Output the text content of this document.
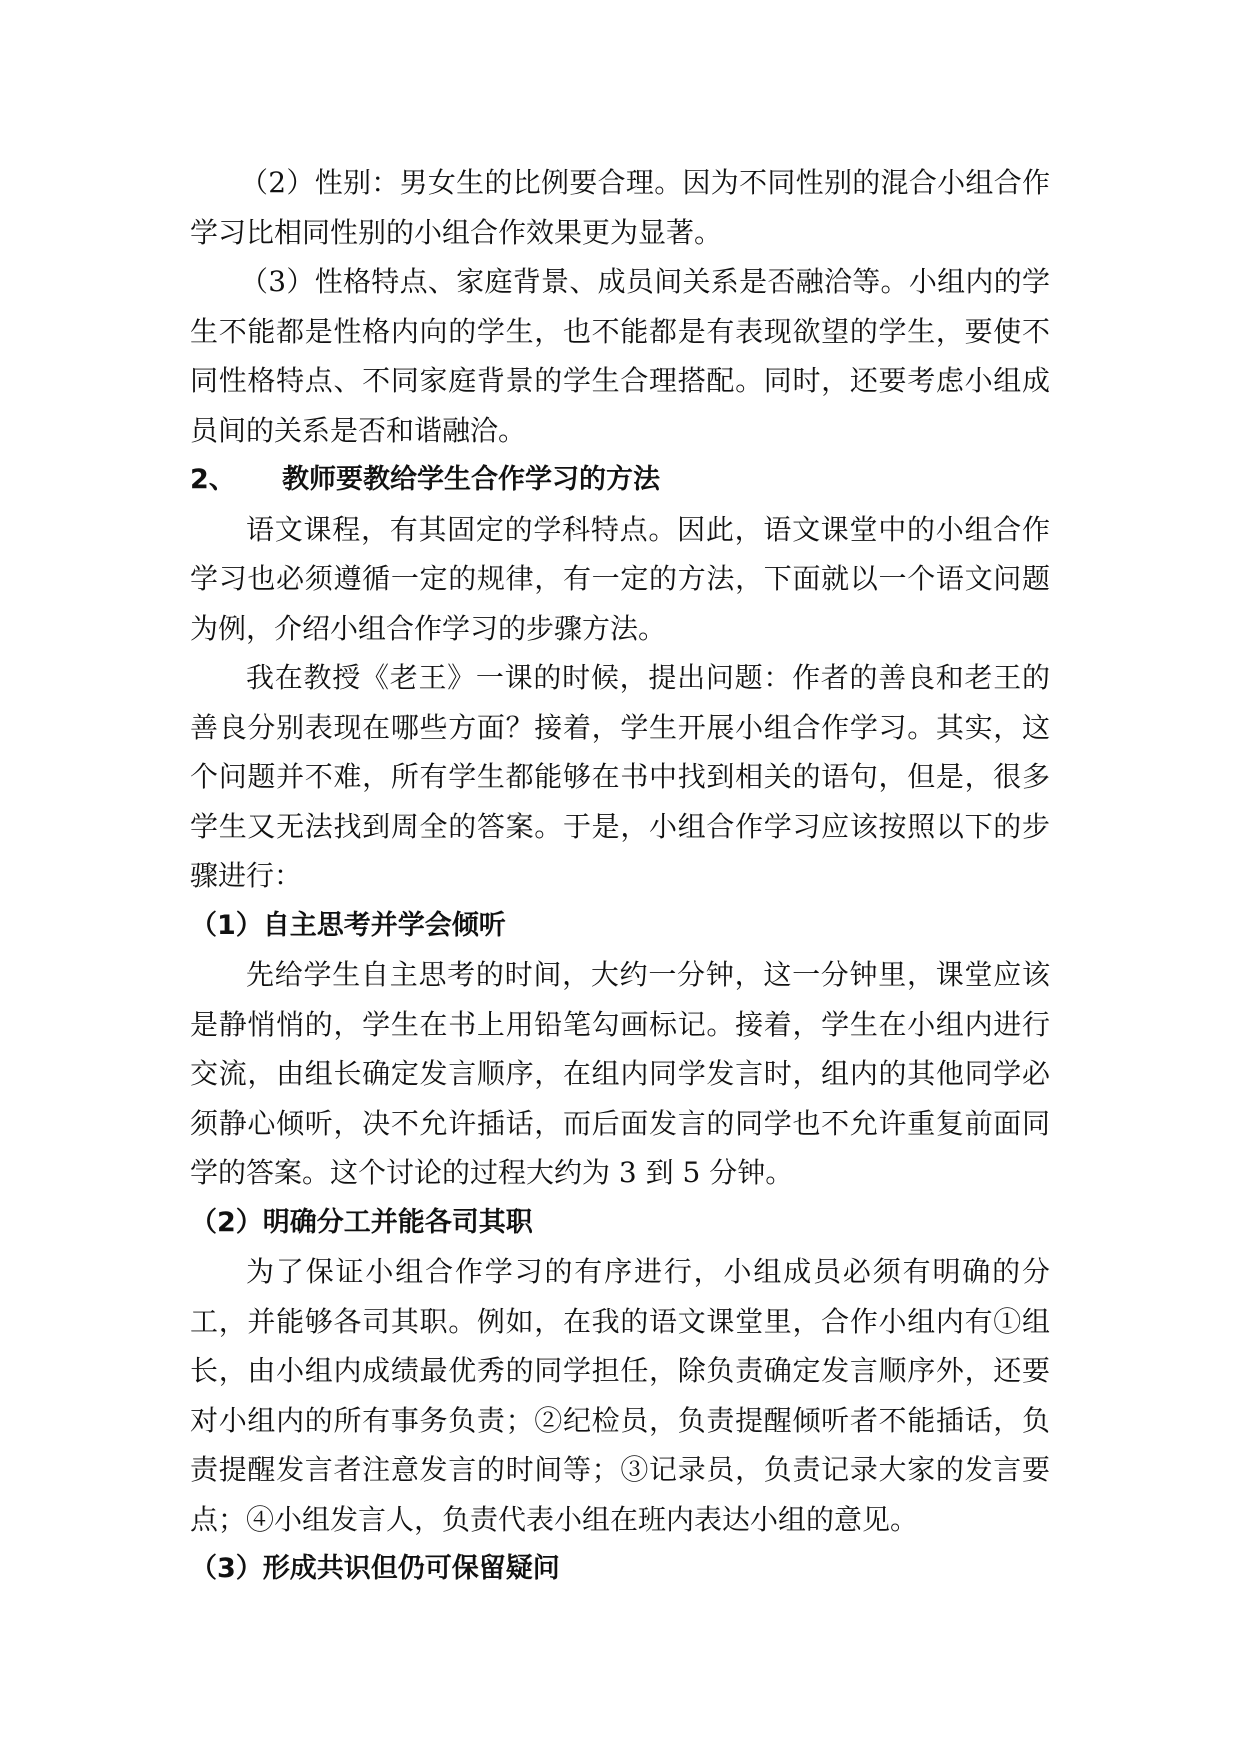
（2）性别：男女生的比例要合理。因为不同性别的混合小组合作学习比相同性别的小组合作效果更为显著。

（3）性格特点、家庭背景、成员间关系是否融洽等。小组内的学生不能都是性格内向的学生，也不能都是有表现欲望的学生，要使不同性格特点、不同家庭背景的学生合理搭配。同时，还要考虑小组成员间的关系是否和谐融洽。

2、 教师要教给学生合作学习的方法

语文课程，有其固定的学科特点。因此，语文课堂中的小组合作学习也必须遵循一定的规律，有一定的方法，下面就以一个语文问题为例，介绍小组合作学习的步骤方法。

我在教授《老王》一课的时候，提出问题：作者的善良和老王的善良分别表现在哪些方面？接着，学生开展小组合作学习。其实，这个问题并不难，所有学生都能够在书中找到相关的语句，但是，很多学生又无法找到周全的答案。于是，小组合作学习应该按照以下的步骤进行：

（1）自主思考并学会倾听

先给学生自主思考的时间，大约一分钟，这一分钟里，课堂应该是静悄悄的，学生在书上用铅笔勾画标记。接着，学生在小组内进行交流，由组长确定发言顺序，在组内同学发言时，组内的其他同学必须静心倾听，决不允许插话，而后面发言的同学也不允许重复前面同学的答案。这个讨论的过程大约为 3 到 5 分钟。

（2）明确分工并能各司其职

为了保证小组合作学习的有序进行，小组成员必须有明确的分工，并能够各司其职。例如，在我的语文课堂里，合作小组内有①组长，由小组内成绩最优秀的同学担任，除负责确定发言顺序外，还要对小组内的所有事务负责；②纪检员，负责提醒倾听者不能插话，负责提醒发言者注意发言的时间等；③记录员，负责记录大家的发言要点；④小组发言人，负责代表小组在班内表达小组的意见。

（3）形成共识但仍可保留疑问
